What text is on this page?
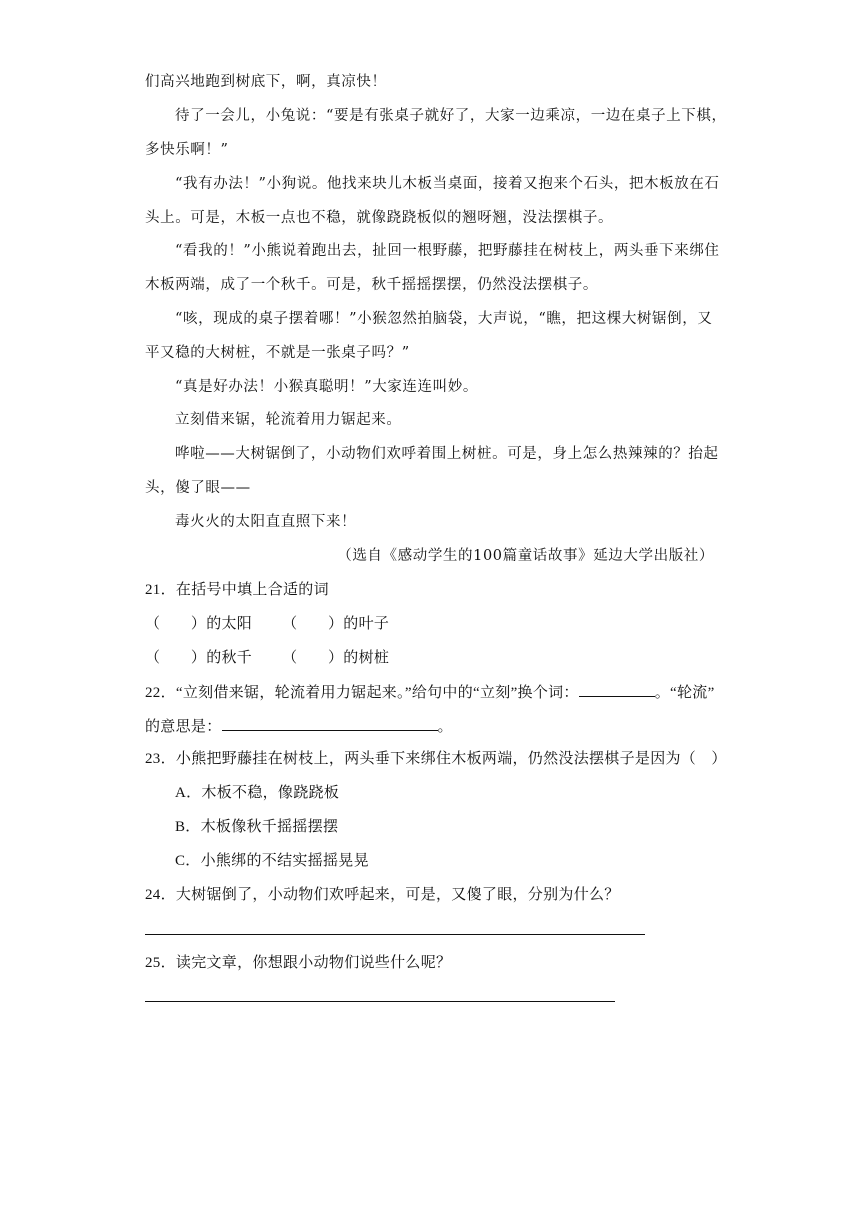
们高兴地跑到树底下，啊，真凉快！
待了一会儿，小兔说：“要是有张桌子就好了，大家一边乘凉，一边在桌子上下棋，
多快乐啊！”
“我有办法！”小狗说。他找来块儿木板当桌面，接着又抱来个石头，把木板放在石
头上。可是，木板一点也不稳，就像跷跷板似的翘呀翘，没法摆棋子。
“看我的！”小熊说着跑出去，扯回一根野藤，把野藤挂在树枝上，两头垂下来绑住
木板两端，成了一个秋千。可是，秋千摇摇摆摆，仍然没法摆棋子。
“咳，现成的桌子摆着哪！”小猴忽然拍脑袋，大声说，“瞧，把这棵大树锯倒，又
平又稳的大树桩，不就是一张桌子吗？”
“真是好办法！小猴真聪明！”大家连连叫妙。
立刻借来锯，轮流着用力锯起来。
哗啦——大树锯倒了，小动物们欢呼着围上树桩。可是，身上怎么热辣辣的？抬起
头，傻了眼——
毒火火的太阳直直照下来！
（选自《感动学生的100篇童话故事》延边大学出版社）
21．在括号中填上合适的词
（　　）的太阳 （　　）的叶子
（　　）的秋千 （　　）的树桩
22．“立刻借来锯，轮流着用力锯起来。”给句中的“立刻”换个词：	。“轮流”
的意思是：	。
23．小熊把野藤挂在树枝上，两头垂下来绑住木板两端，仍然没法摆棋子是因为（　）
A．木板不稳，像跷跷板
B．木板像秋千摇摇摆摆
C．小熊绑的不结实摇摇晃晃
24．大树锯倒了，小动物们欢呼起来，可是，又傻了眼，分别为什么？
25．读完文章，你想跟小动物们说些什么呢？
